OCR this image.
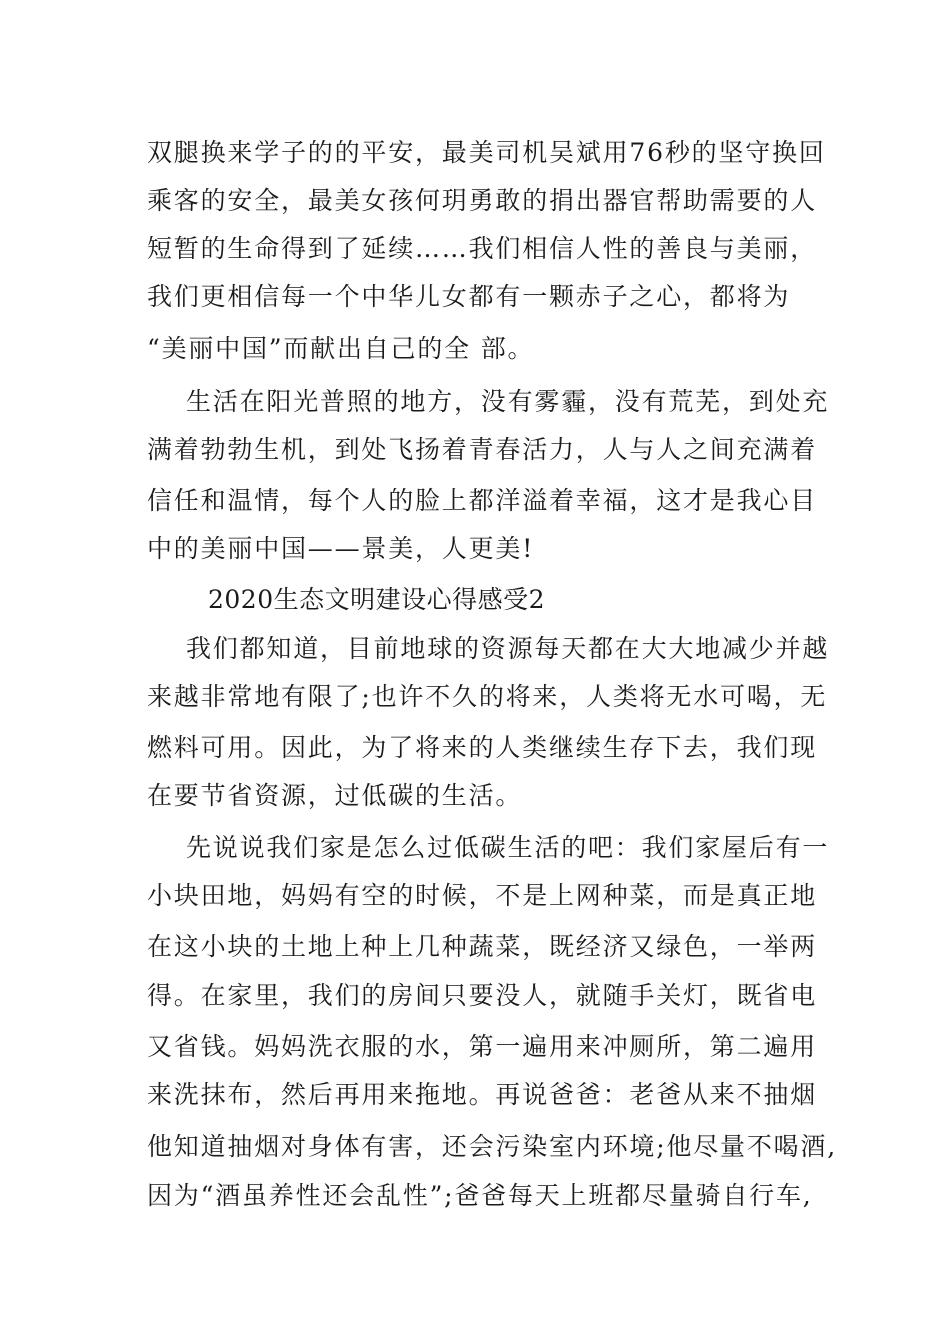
双腿换来学子的的平安，最美司机吴斌用76秒的坚守换回
乘客的安全，最美女孩何玥勇敢的捐出器官帮助需要的人
短暂的生命得到了延续……我们相信人性的善良与美丽，
我们更相信每一个中华儿女都有一颗赤子之心，都将为
“美丽中国”而献出自己的全 部。
生活在阳光普照的地方，没有雾霾，没有荒芜，到处充
满着勃勃生机，到处飞扬着青春活力，人与人之间充满着
信任和温情，每个人的脸上都洋溢着幸福，这才是我心目
中的美丽中国——景美，人更美!
2020生态文明建设心得感受2
我们都知道，目前地球的资源每天都在大大地减少并越
来越非常地有限了;也许不久的将来，人类将无水可喝，无
燃料可用。因此，为了将来的人类继续生存下去，我们现
在要节省资源，过低碳的生活。
先说说我们家是怎么过低碳生活的吧：我们家屋后有一
小块田地，妈妈有空的时候，不是上网种菜，而是真正地
在这小块的土地上种上几种蔬菜，既经济又绿色，一举两
得。在家里，我们的房间只要没人，就随手关灯，既省电
又省钱。妈妈洗衣服的水，第一遍用来冲厕所，第二遍用
来洗抹布，然后再用来拖地。再说爸爸：老爸从来不抽烟
他知道抽烟对身体有害，还会污染室内环境;他尽量不喝酒,
因为“酒虽养性还会乱性”;爸爸每天上班都尽量骑自行车,
